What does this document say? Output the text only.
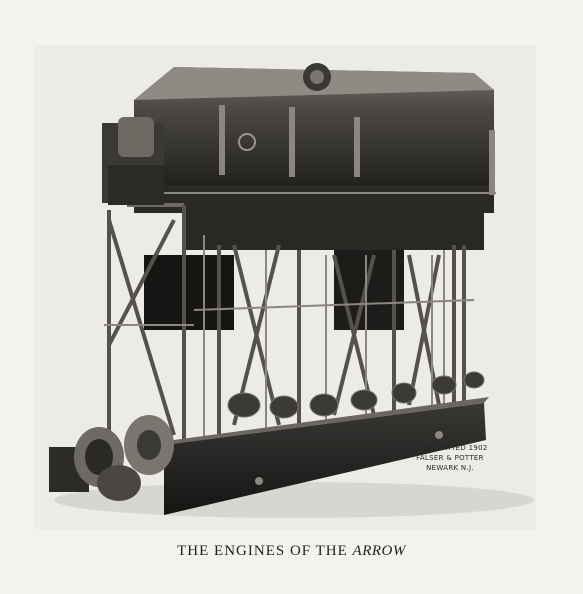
COPYRIGHTED 1902
FALSER & POTTER
NEWARK N.J.
THE ENGINES OF THE ARROW
